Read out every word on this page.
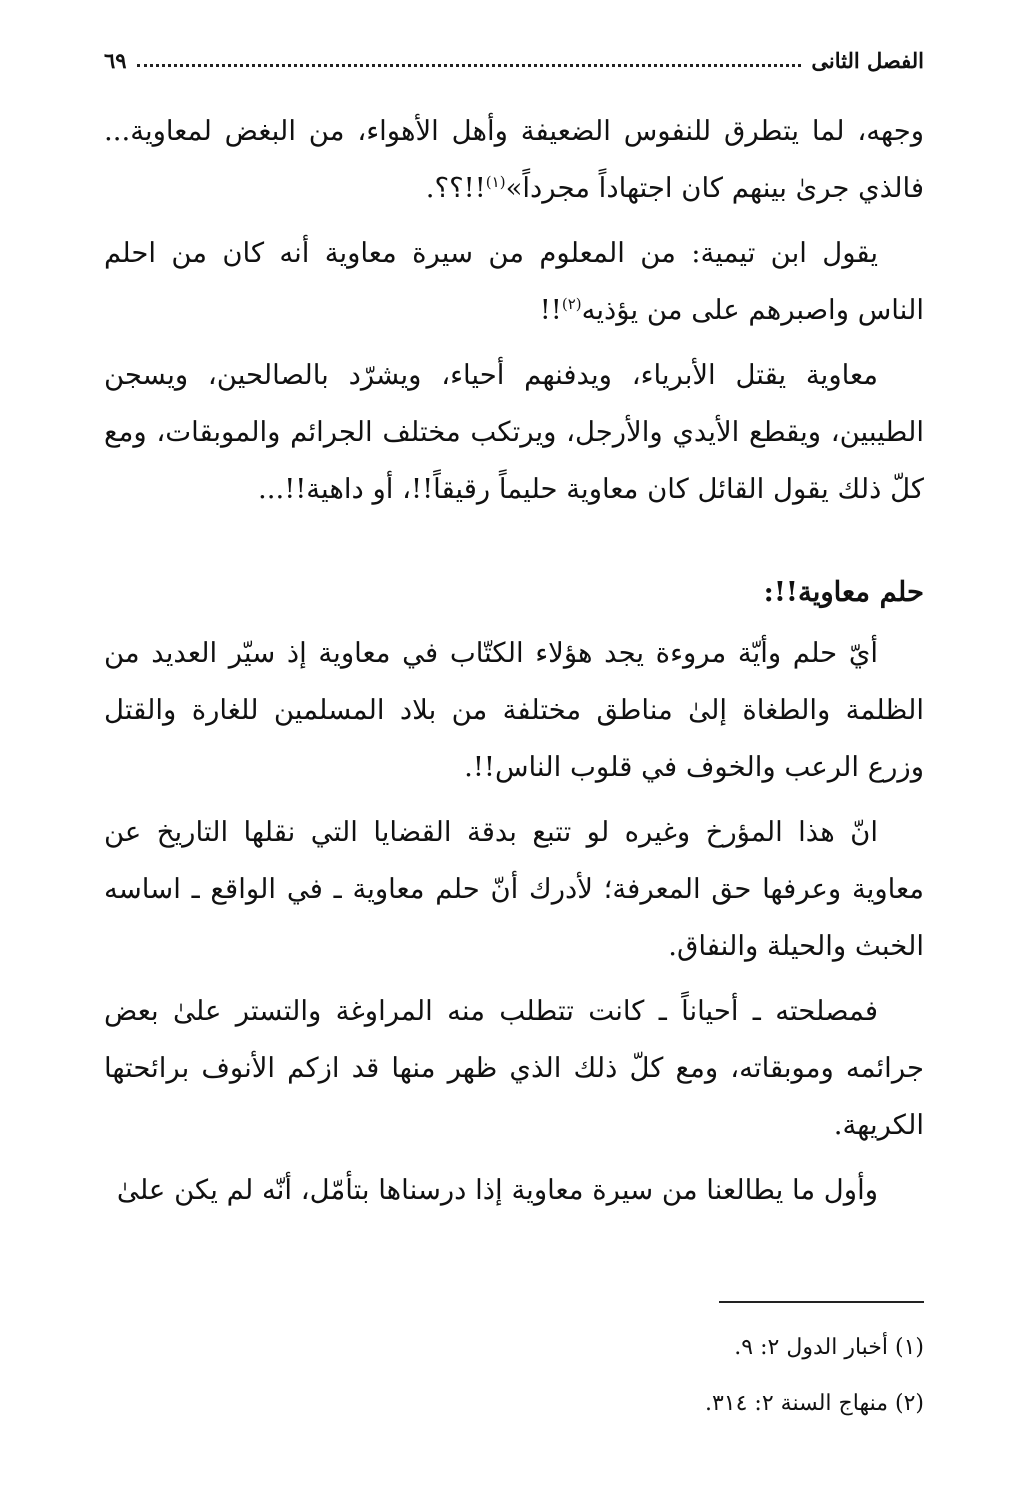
الفصل الثانى
٦٩

وجهه، لما يتطرق للنفوس الضعيفة وأهل الأهواء، من البغض لمعاوية... فالذي جرىٰ بينهم كان اجتهاداً مجرداً»$^{(١)}$!!؟؟.

يقول ابن تيمية: من المعلوم من سيرة معاوية أنه كان من احلم الناس واصبرهم على من يؤذيه$^{(٢)}$!!

معاوية يقتل الأبرياء، ويدفنهم أحياء، ويشرّد بالصالحين، ويسجن الطيبين، ويقطع الأيدي والأرجل، ويرتكب مختلف الجرائم والموبقات، ومع كلّ ذلك يقول القائل كان معاوية حليماً رقيقاً!!، أو داهية!!...

حلم معاوية!!:

أيّ حلم وأيّة مروءة يجد هؤلاء الكتّاب في معاوية إذ سيّر العديد من الظلمة والطغاة إلىٰ مناطق مختلفة من بلاد المسلمين للغارة والقتل وزرع الرعب والخوف في قلوب الناس!!.

انّ هذا المؤرخ وغيره لو تتبع بدقة القضايا التي نقلها التاريخ عن معاوية وعرفها حق المعرفة؛ لأدرك أنّ حلم معاوية ـ في الواقع ـ اساسه الخبث والحيلة والنفاق.

فمصلحته ـ أحياناً ـ كانت تتطلب منه المراوغة والتستر علىٰ بعض جرائمه وموبقاته، ومع كلّ ذلك الذي ظهر منها قد ازكم الأنوف برائحتها الكريهة.

وأول ما يطالعنا من سيرة معاوية إذا درسناها بتأمّل، أنّه لم يكن علىٰ

(١) أخبار الدول ٢: ٩.
(٢) منهاج السنة ٢: ٣١٤.
